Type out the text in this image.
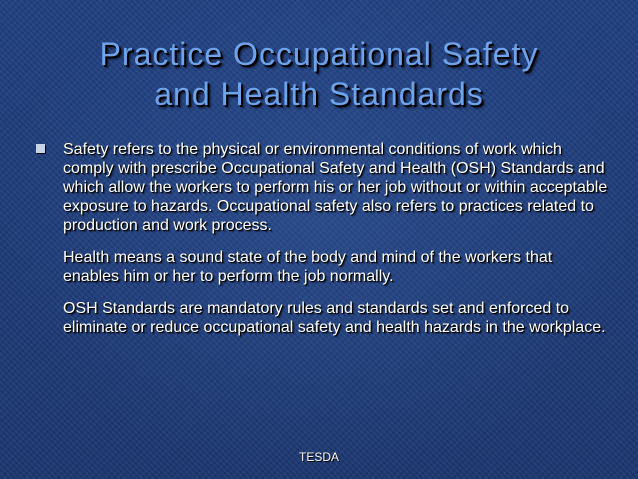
Practice Occupational Safety
and Health Standards

Safety refers to the physical or environmental conditions of work which comply with prescribe Occupational Safety and Health (OSH) Standards and which allow the workers to perform his or her job without or within acceptable exposure to hazards. Occupational safety also refers to practices related to production and work process.

Health means a sound state of the body and mind of the workers that enables him or her to perform the job normally.

OSH Standards are mandatory rules and standards set and enforced to eliminate or reduce occupational safety and health hazards in the workplace.

TESDA
